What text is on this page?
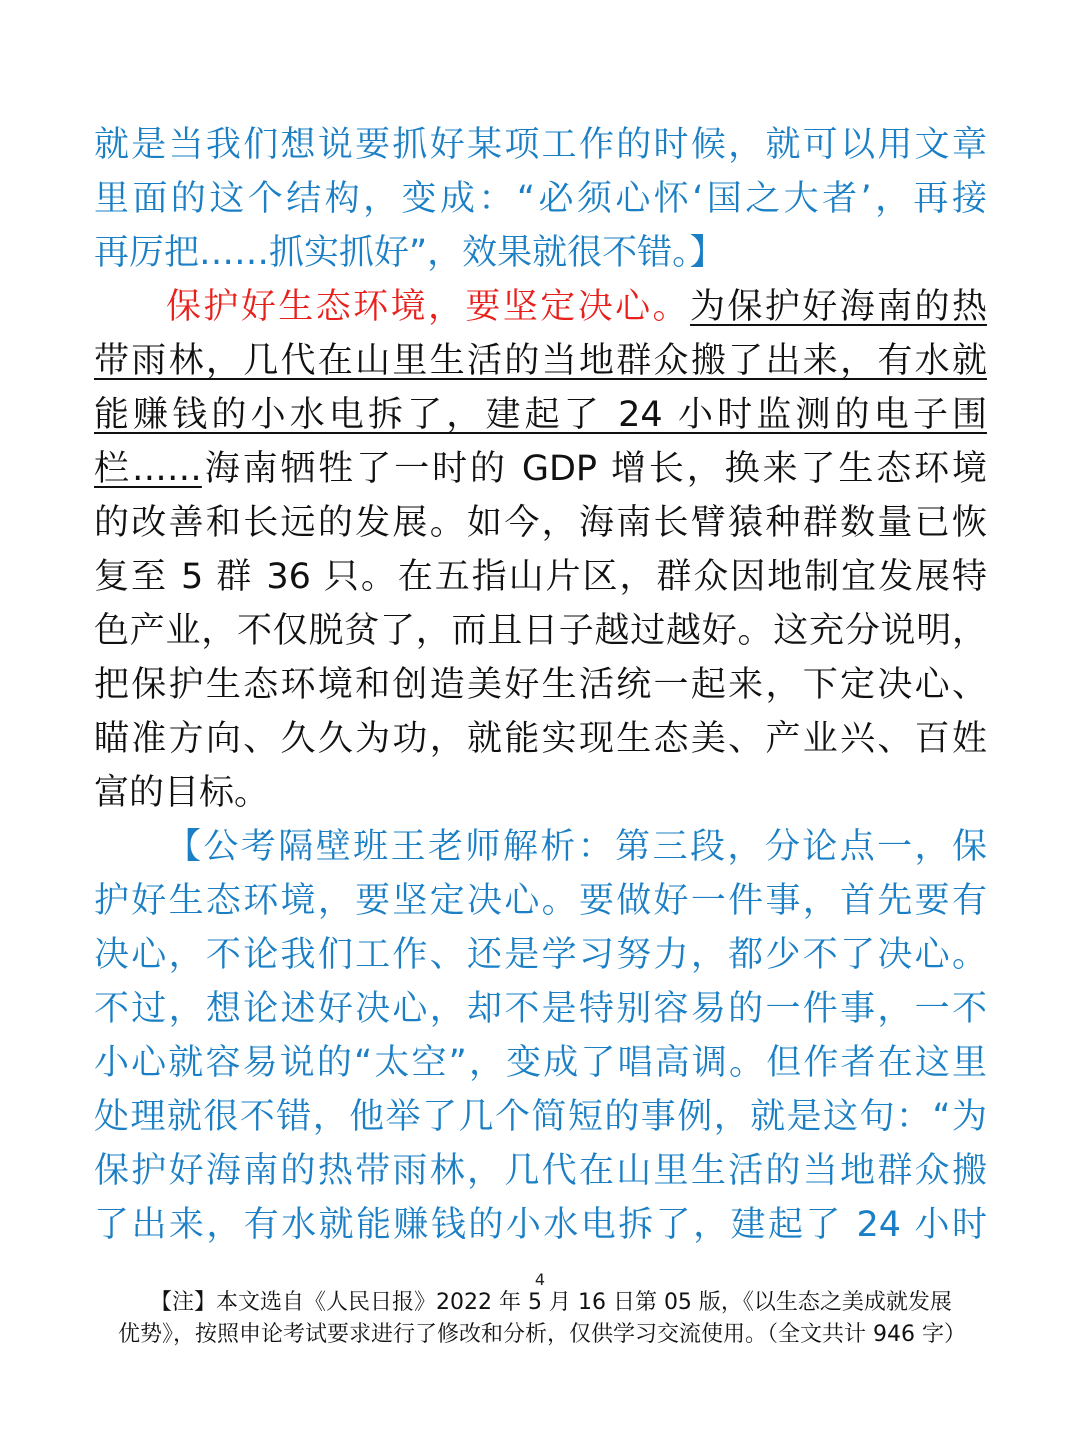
就是当我们想说要抓好某项工作的时候，就可以用文章
里面的这个结构，变成：“必须心怀‘国之大者’，再接
再厉把……抓实抓好”，效果就很不错。】
保护好生态环境，要坚定决心。为保护好海南的热
带雨林，几代在山里生活的当地群众搬了出来，有水就
能赚钱的小水电拆了，建起了 24 小时监测的电子围
栏……海南牺牲了一时的 GDP 增长，换来了生态环境
的改善和长远的发展。如今，海南长臂猿种群数量已恢
复至 5 群 36 只。在五指山片区，群众因地制宜发展特
色产业，不仅脱贫了，而且日子越过越好。这充分说明，
把保护生态环境和创造美好生活统一起来，下定决心、
瞄准方向、久久为功，就能实现生态美、产业兴、百姓
富的目标。
【公考隔壁班王老师解析：第三段，分论点一，保
护好生态环境，要坚定决心。要做好一件事，首先要有
决心，不论我们工作、还是学习努力，都少不了决心。
不过，想论述好决心，却不是特别容易的一件事，一不
小心就容易说的“太空”，变成了唱高调。但作者在这里
处理就很不错，他举了几个简短的事例，就是这句：“为
保护好海南的热带雨林，几代在山里生活的当地群众搬
了出来，有水就能赚钱的小水电拆了，建起了 24 小时
4
【注】本文选自《人民日报》2022 年 5 月 16 日第 05 版，《以生态之美成就发展
优势》，按照申论考试要求进行了修改和分析，仅供学习交流使用。（全文共计 946 字）
